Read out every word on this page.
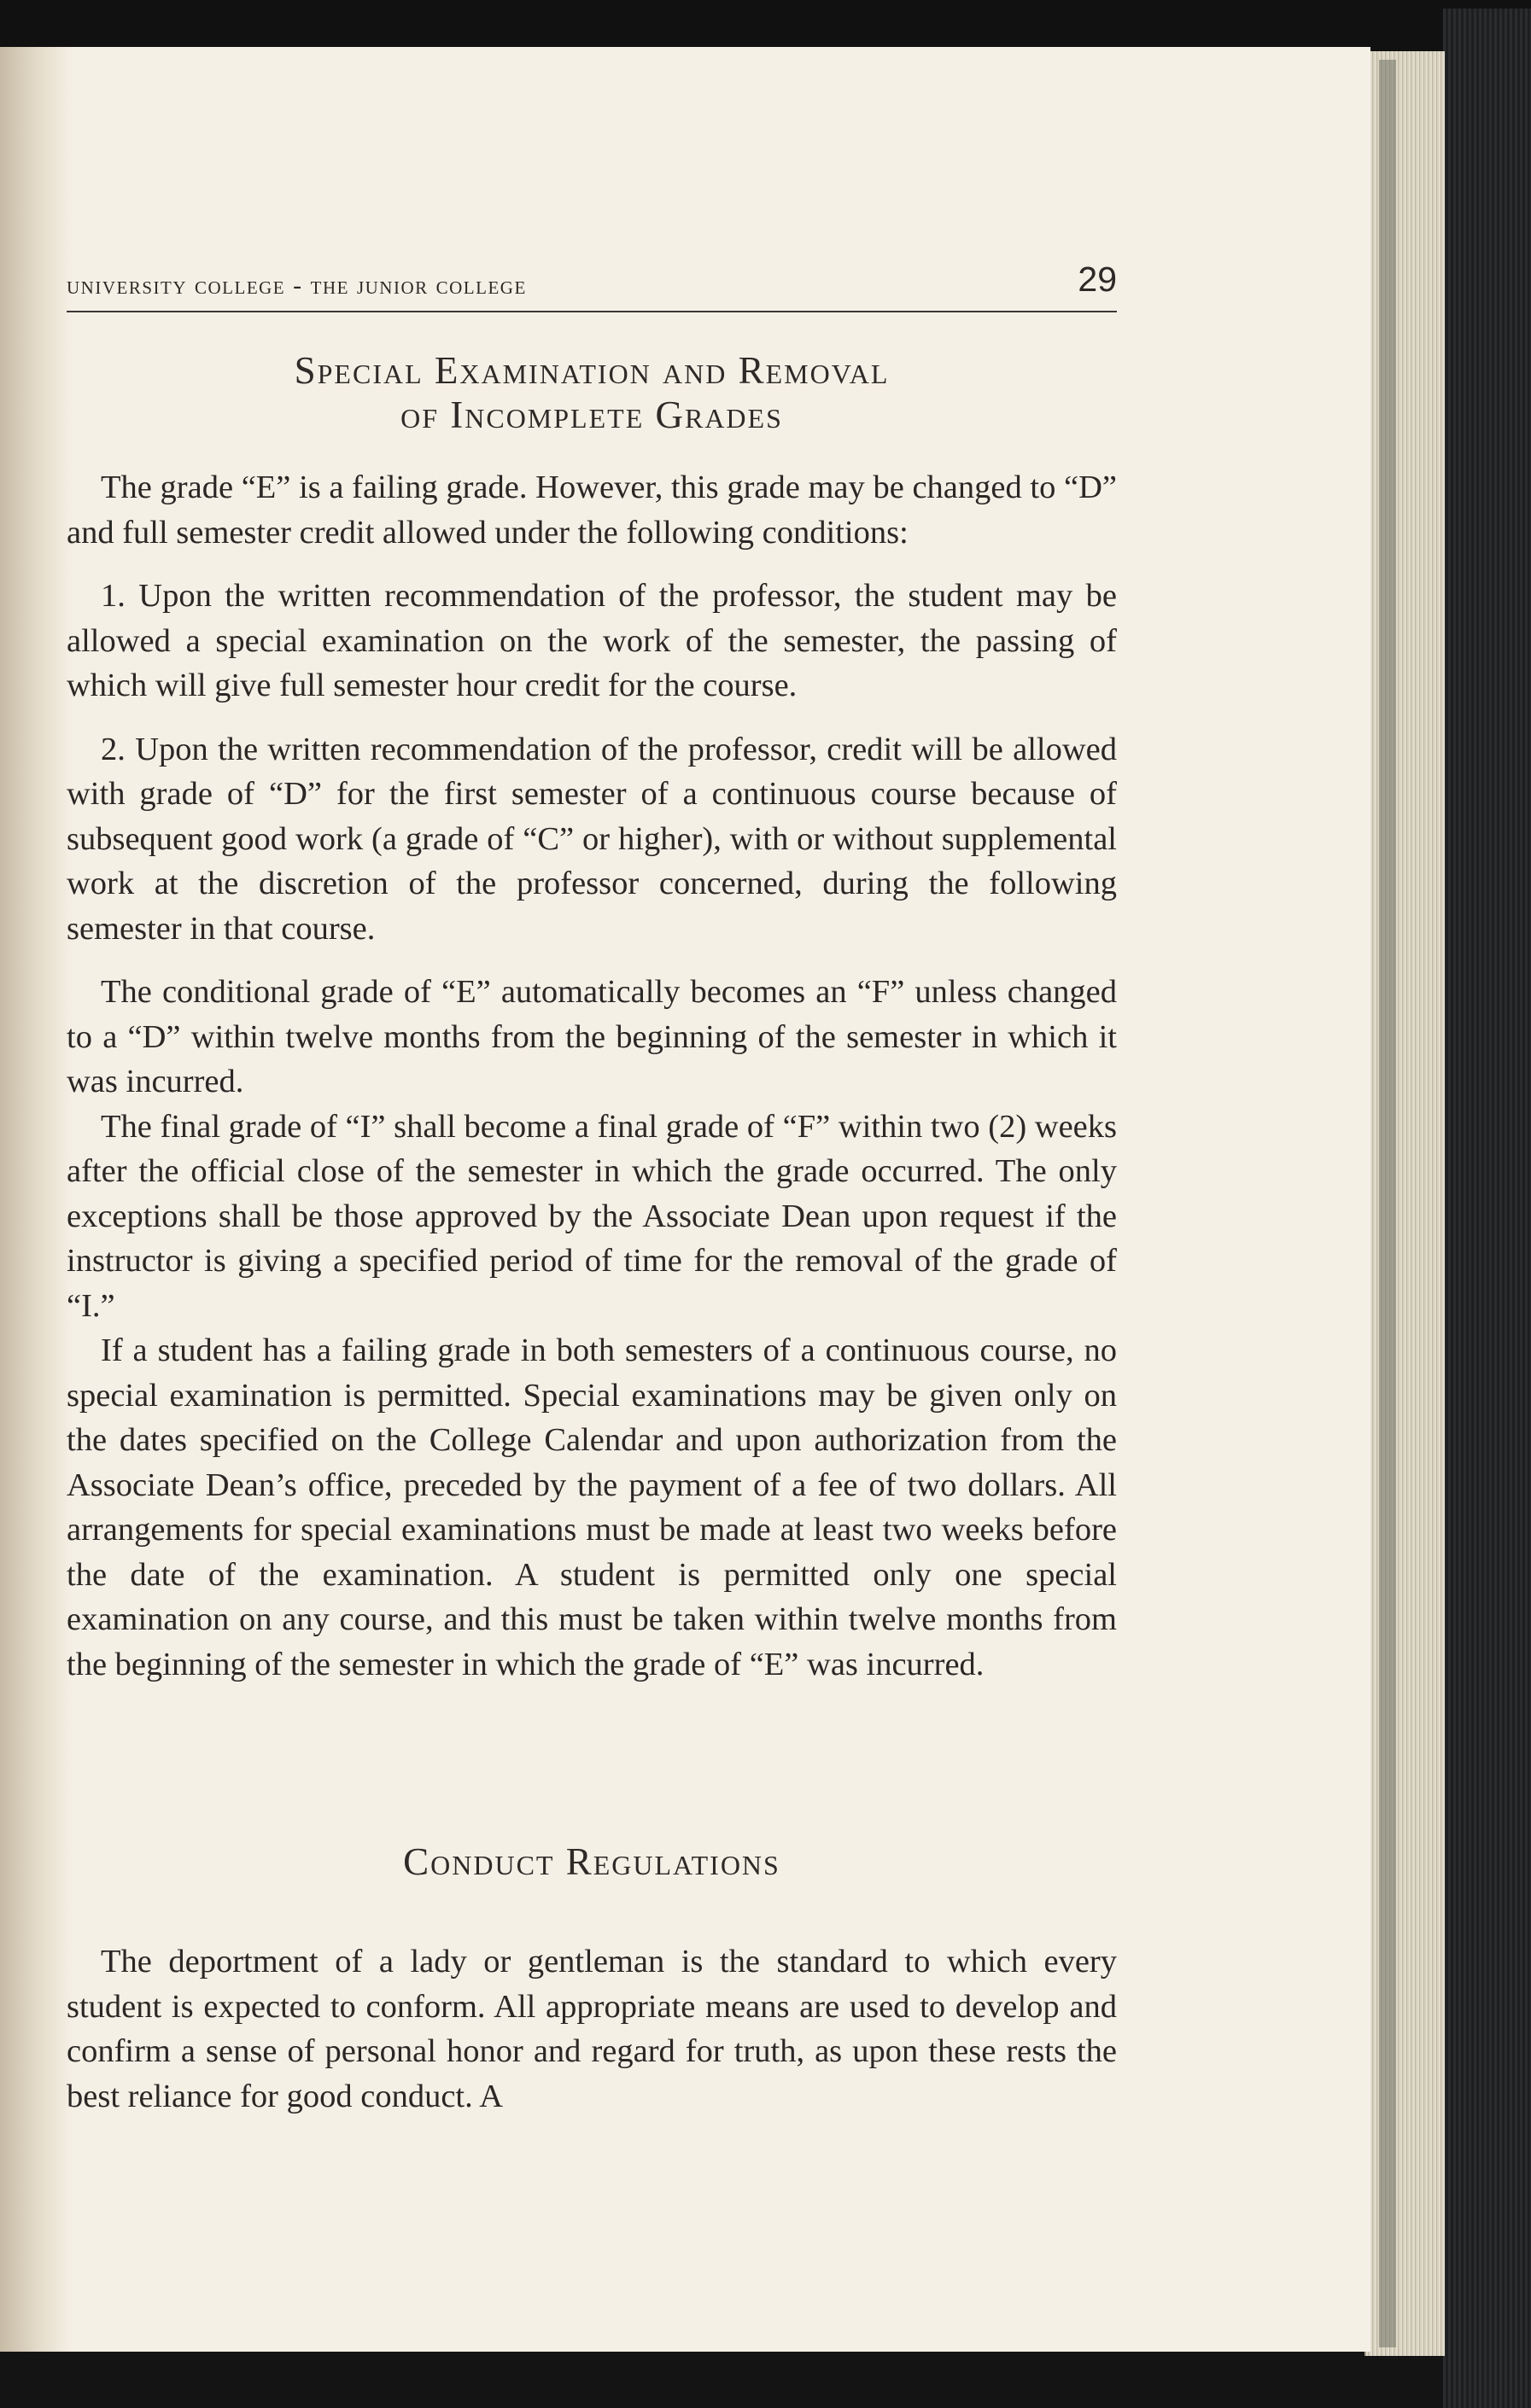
university college - the junior college	29
Special Examination and Removal
of Incomplete Grades

The grade “E” is a failing grade. However, this grade may be changed to “D” and full semester credit allowed under the following conditions:

1. Upon the written recommendation of the professor, the student may be allowed a special examination on the work of the semester, the passing of which will give full semester hour credit for the course.

2. Upon the written recommendation of the professor, credit will be allowed with grade of “D” for the first semester of a continuous course because of subsequent good work (a grade of “C” or higher), with or without supplemental work at the discretion of the professor concerned, during the following semester in that course.

The conditional grade of “E” automatically becomes an “F” unless changed to a “D” within twelve months from the beginning of the semester in which it was incurred.

The final grade of “I” shall become a final grade of “F” within two (2) weeks after the official close of the semester in which the grade occurred. The only exceptions shall be those approved by the Associate Dean upon request if the instructor is giving a specified period of time for the removal of the grade of “I.”

If a student has a failing grade in both semesters of a continuous course, no special examination is permitted. Special examinations may be given only on the dates specified on the College Calendar and upon authorization from the Associate Dean’s office, preceded by the payment of a fee of two dollars. All arrangements for special examinations must be made at least two weeks before the date of the examination. A student is permitted only one special examination on any course, and this must be taken within twelve months from the beginning of the semester in which the grade of “E” was incurred.

Conduct Regulations

The deportment of a lady or gentleman is the standard to which every student is expected to conform. All appropriate means are used to develop and confirm a sense of personal honor and regard for truth, as upon these rests the best reliance for good conduct. A
